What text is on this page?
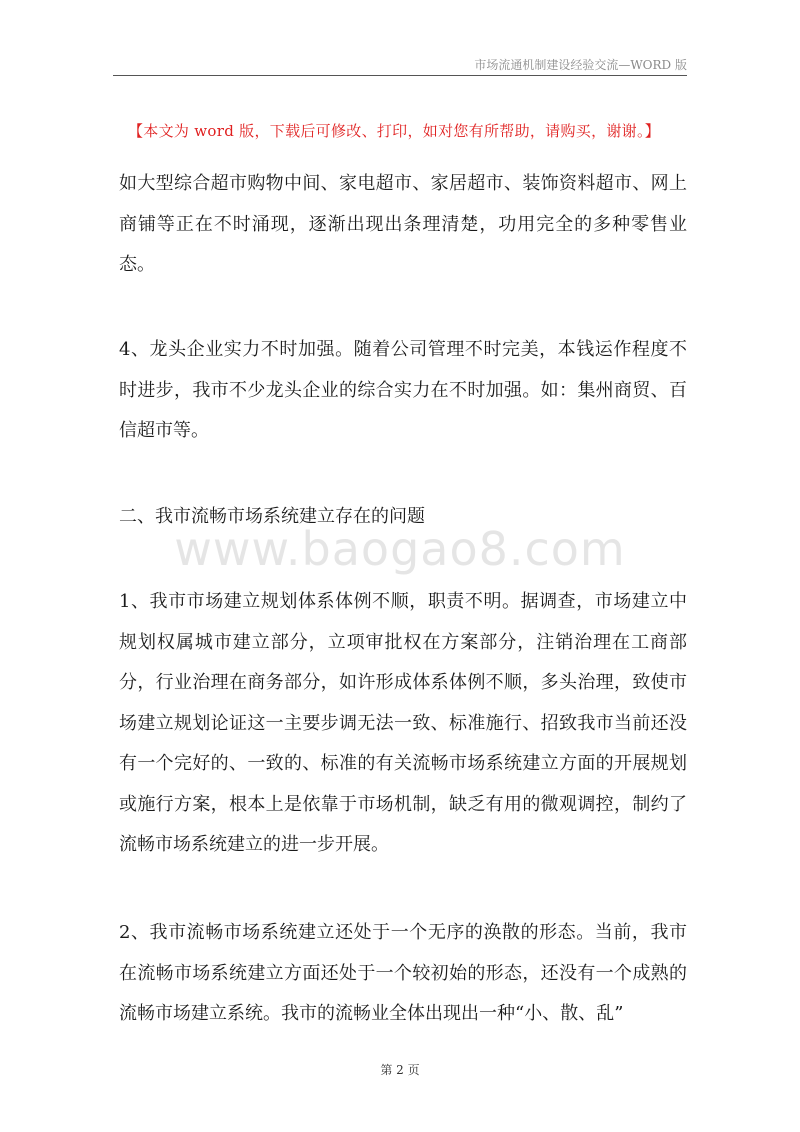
市场流通机制建设经验交流—WORD 版
【本文为 word 版，下载后可修改、打印，如对您有所帮助，请购买，谢谢。】
如大型综合超市购物中间、家电超市、家居超市、装饰资料超市、网上商铺等正在不时涌现，逐渐出现出条理清楚，功用完全的多种零售业态。
4、龙头企业实力不时加强。随着公司管理不时完美，本钱运作程度不时进步，我市不少龙头企业的综合实力在不时加强。如：集州商贸、百信超市等。
二、我市流畅市场系统建立存在的问题
www.baogao8.com
1、我市市场建立规划体系体例不顺，职责不明。据调查，市场建立中规划权属城市建立部分，立项审批权在方案部分，注销治理在工商部分，行业治理在商务部分，如许形成体系体例不顺，多头治理，致使市场建立规划论证这一主要步调无法一致、标准施行、招致我市当前还没有一个完好的、一致的、标准的有关流畅市场系统建立方面的开展规划或施行方案，根本上是依靠于市场机制，缺乏有用的微观调控，制约了流畅市场系统建立的进一步开展。
2、我市流畅市场系统建立还处于一个无序的涣散的形态。当前，我市在流畅市场系统建立方面还处于一个较初始的形态，还没有一个成熟的流畅市场建立系统。我市的流畅业全体出现出一种“小、散、乱”
第 2 页
